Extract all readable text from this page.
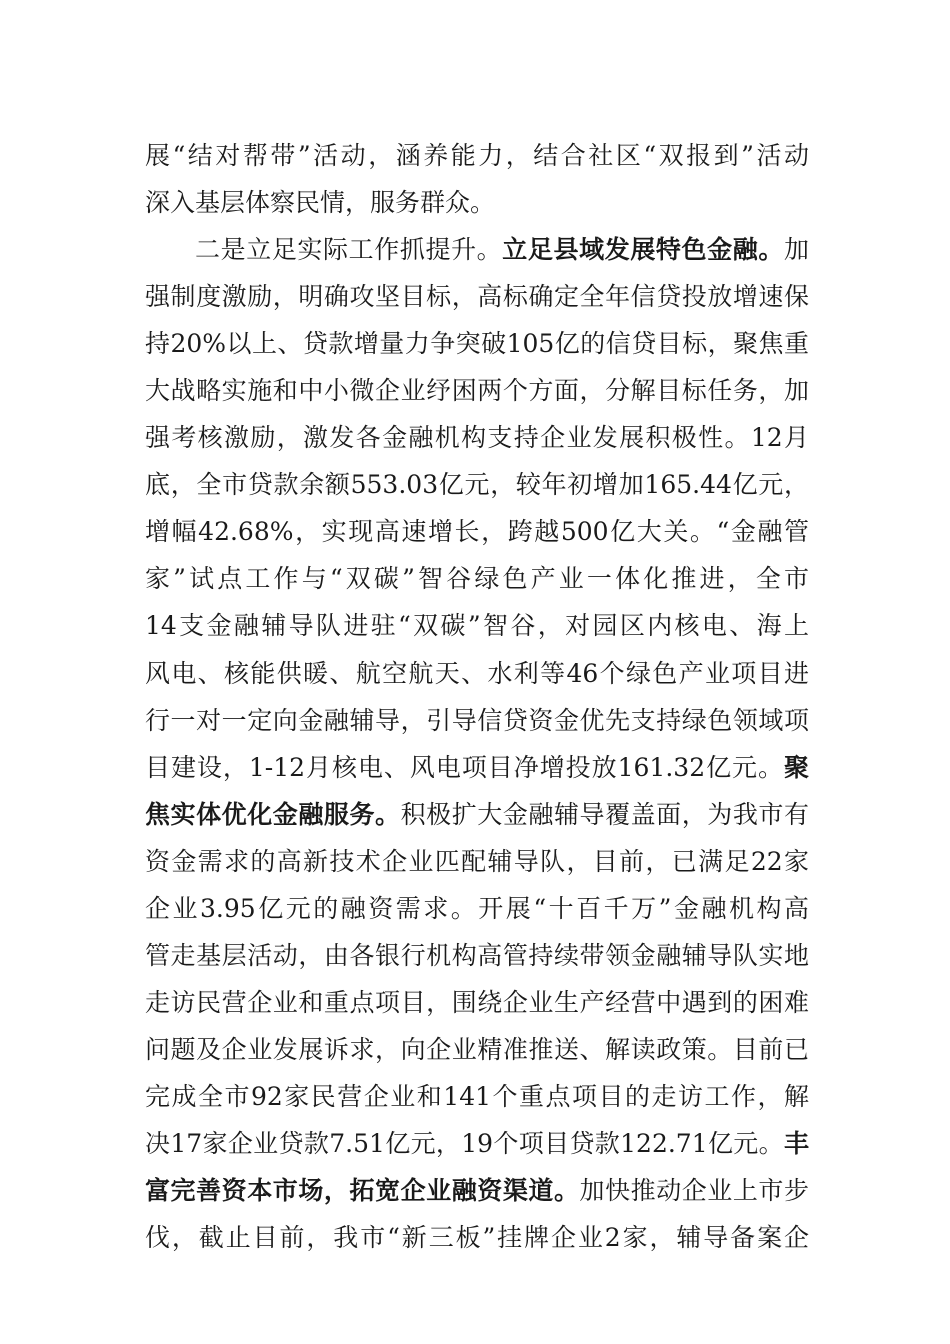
展“结对帮带”活动，涵养能力，结合社区“双报到”活动
深入基层体察民情，服务群众。
二是立足实际工作抓提升。立足县域发展特色金融。加
强制度激励，明确攻坚目标，高标确定全年信贷投放增速保
持20%以上、贷款增量力争突破105亿的信贷目标，聚焦重
大战略实施和中小微企业纾困两个方面，分解目标任务，加
强考核激励，激发各金融机构支持企业发展积极性。12月
底，全市贷款余额553.03亿元，较年初增加165.44亿元，
增幅42.68%，实现高速增长，跨越500亿大关。“金融管
家”试点工作与“双碳”智谷绿色产业一体化推进，全市
14支金融辅导队进驻“双碳”智谷，对园区内核电、海上
风电、核能供暖、航空航天、水利等46个绿色产业项目进
行一对一定向金融辅导，引导信贷资金优先支持绿色领域项
目建设，1-12月核电、风电项目净增投放161.32亿元。聚
焦实体优化金融服务。积极扩大金融辅导覆盖面，为我市有
资金需求的高新技术企业匹配辅导队，目前，已满足22家
企业3.95亿元的融资需求。开展“十百千万”金融机构高
管走基层活动，由各银行机构高管持续带领金融辅导队实地
走访民营企业和重点项目，围绕企业生产经营中遇到的困难
问题及企业发展诉求，向企业精准推送、解读政策。目前已
完成全市92家民营企业和141个重点项目的走访工作，解
决17家企业贷款7.51亿元，19个项目贷款122.71亿元。丰
富完善资本市场，拓宽企业融资渠道。加快推动企业上市步
伐，截止目前，我市“新三板”挂牌企业2家，辅导备案企
